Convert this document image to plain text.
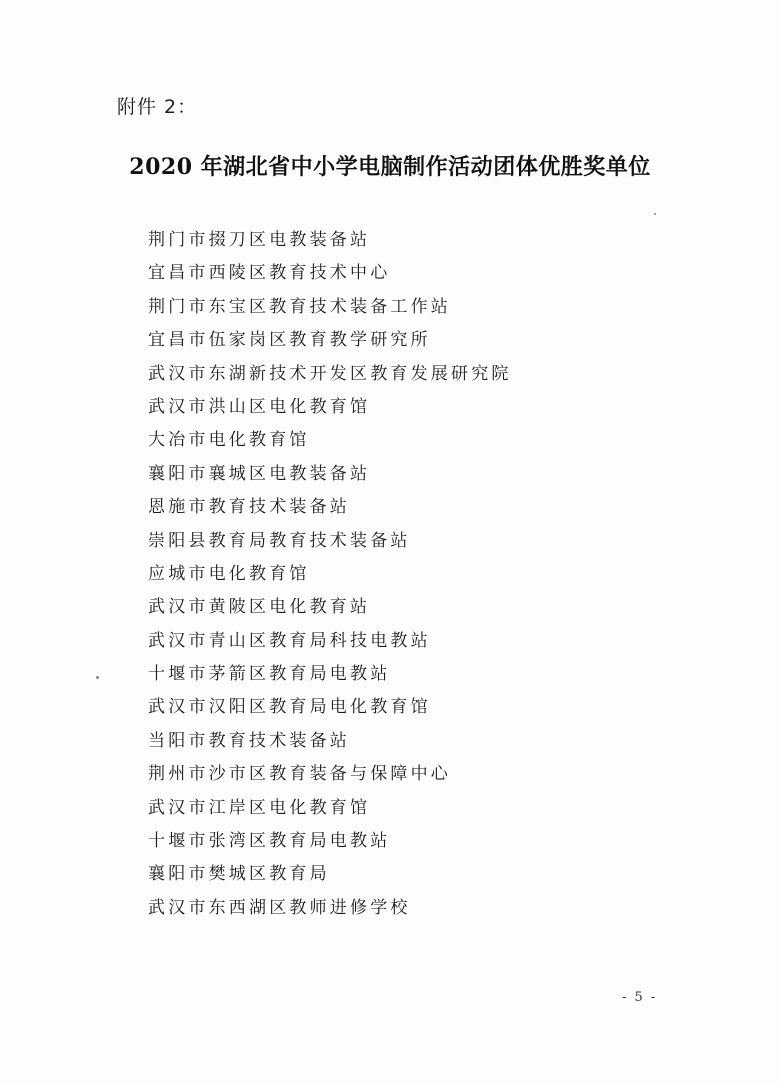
附件 2：
2020 年湖北省中小学电脑制作活动团体优胜奖单位
荆门市掇刀区电教装备站
宜昌市西陵区教育技术中心
荆门市东宝区教育技术装备工作站
宜昌市伍家岗区教育教学研究所
武汉市东湖新技术开发区教育发展研究院
武汉市洪山区电化教育馆
大冶市电化教育馆
襄阳市襄城区电教装备站
恩施市教育技术装备站
崇阳县教育局教育技术装备站
应城市电化教育馆
武汉市黄陂区电化教育站
武汉市青山区教育局科技电教站
十堰市茅箭区教育局电教站
武汉市汉阳区教育局电化教育馆
当阳市教育技术装备站
荆州市沙市区教育装备与保障中心
武汉市江岸区电化教育馆
十堰市张湾区教育局电教站
襄阳市樊城区教育局
武汉市东西湖区教师进修学校
- 5 -
